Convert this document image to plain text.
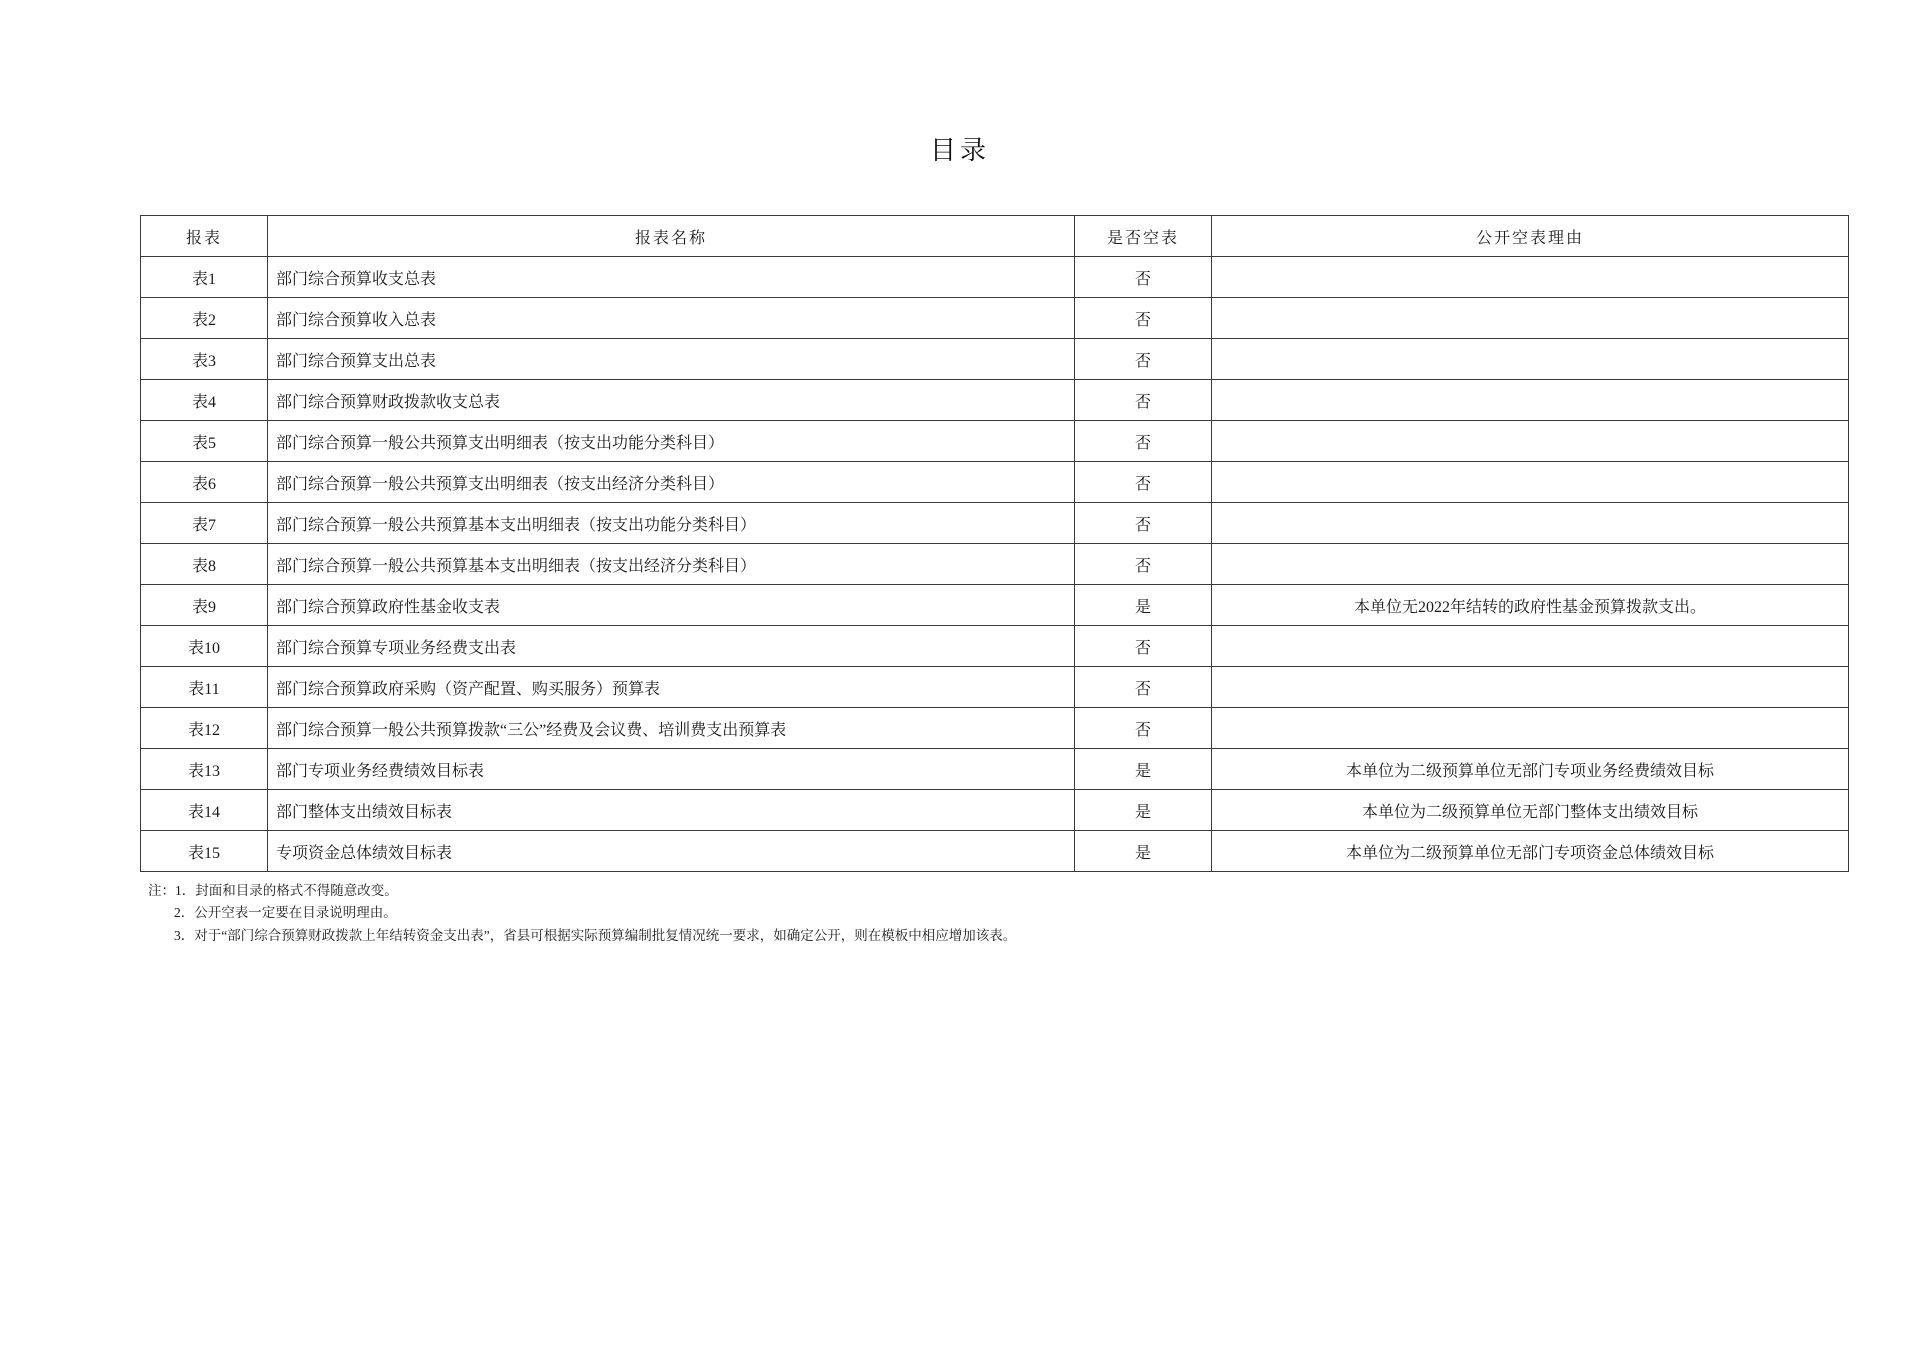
目录
报表	报表名称	是否空表	公开空表理由
表1	部门综合预算收支总表	否	
表2	部门综合预算收入总表	否	
表3	部门综合预算支出总表	否	
表4	部门综合预算财政拨款收支总表	否	
表5	部门综合预算一般公共预算支出明细表（按支出功能分类科目）	否	
表6	部门综合预算一般公共预算支出明细表（按支出经济分类科目）	否	
表7	部门综合预算一般公共预算基本支出明细表（按支出功能分类科目）	否	
表8	部门综合预算一般公共预算基本支出明细表（按支出经济分类科目）	否	
表9	部门综合预算政府性基金收支表	是	本单位无2022年结转的政府性基金预算拨款支出。
表10	部门综合预算专项业务经费支出表	否	
表11	部门综合预算政府采购（资产配置、购买服务）预算表	否	
表12	部门综合预算一般公共预算拨款“三公”经费及会议费、培训费支出预算表	否	
表13	部门专项业务经费绩效目标表	是	本单位为二级预算单位无部门专项业务经费绩效目标
表14	部门整体支出绩效目标表	是	本单位为二级预算单位无部门整体支出绩效目标
表15	专项资金总体绩效目标表	是	本单位为二级预算单位无部门专项资金总体绩效目标
注：1．封面和目录的格式不得随意改变。
2．公开空表一定要在目录说明理由。
3．对于“部门综合预算财政拨款上年结转资金支出表”，省县可根据实际预算编制批复情况统一要求，如确定公开，则在模板中相应增加该表。
